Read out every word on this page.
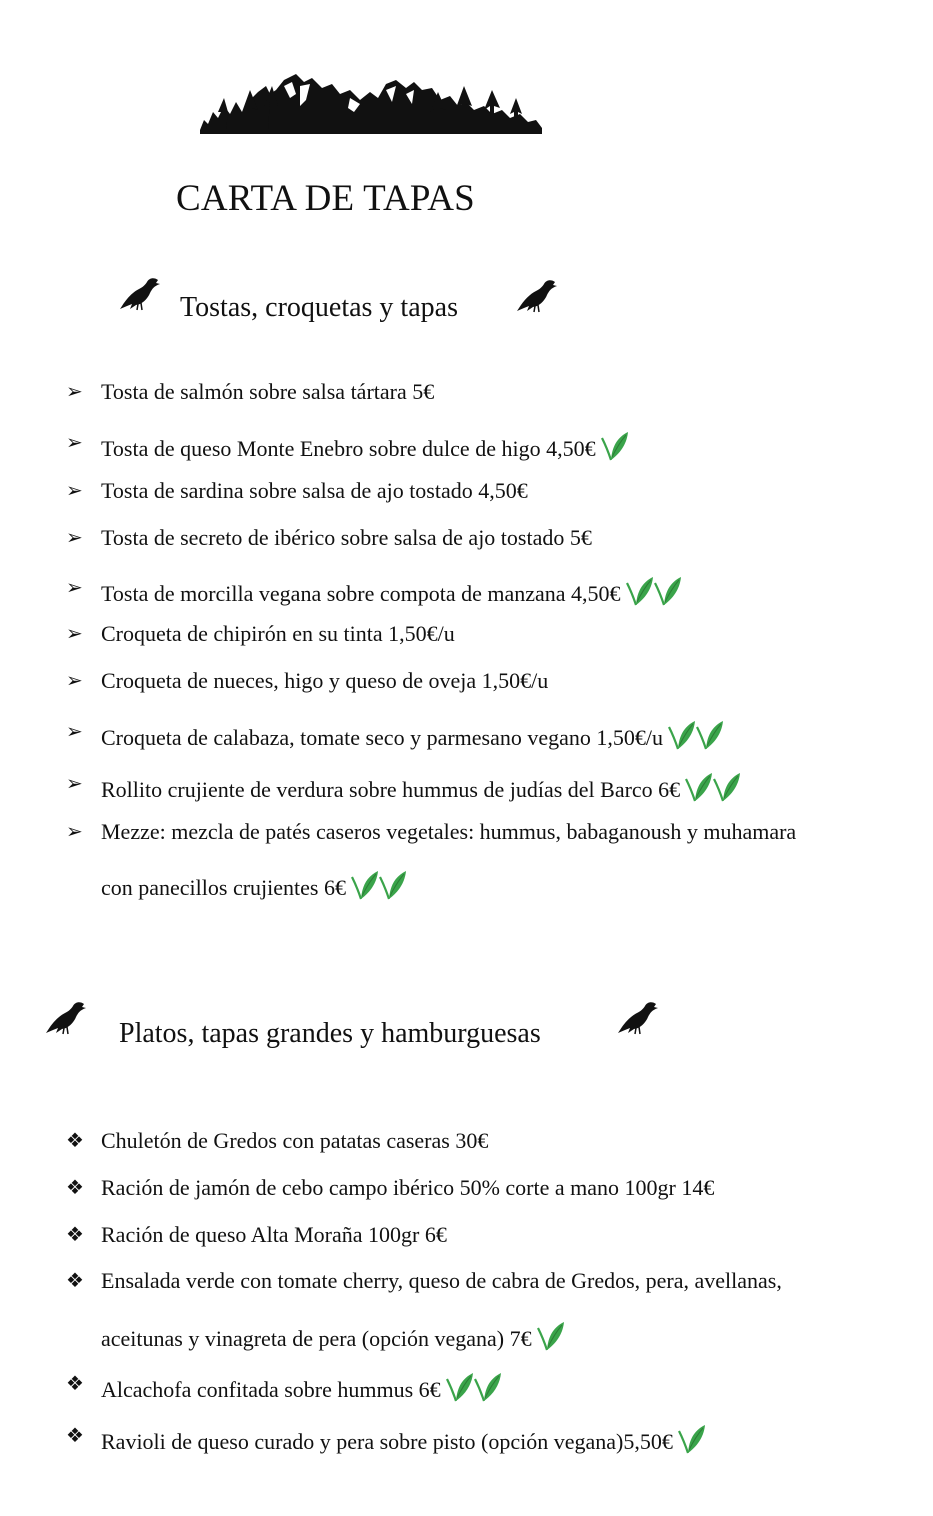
CARTA DE TAPAS
Tostas, croquetas y tapas
➢ Tosta de salmón sobre salsa tártara 5€
➢ Tosta de queso Monte Enebro sobre dulce de higo 4,50€
➢ Tosta de sardina sobre salsa de ajo tostado 4,50€
➢ Tosta de secreto de ibérico sobre salsa de ajo tostado 5€
➢ Tosta de morcilla vegana sobre compota de manzana 4,50€
➢ Croqueta de chipirón en su tinta 1,50€/u
➢ Croqueta de nueces, higo y queso de oveja 1,50€/u
➢ Croqueta de calabaza, tomate seco y parmesano vegano 1,50€/u
➢ Rollito crujiente de verdura sobre hummus de judías del Barco 6€
➢ Mezze: mezcla de patés caseros vegetales: hummus, babaganoush y muhamara
con panecillos crujientes 6€
Platos, tapas grandes y hamburguesas
❖ Chuletón de Gredos con patatas caseras 30€
❖ Ración de jamón de cebo campo ibérico 50% corte a mano 100gr 14€
❖ Ración de queso Alta Moraña 100gr 6€
❖ Ensalada verde con tomate cherry, queso de cabra de Gredos, pera, avellanas,
aceitunas y vinagreta de pera (opción vegana) 7€
❖ Alcachofa confitada sobre hummus 6€
❖ Ravioli de queso curado y pera sobre pisto (opción vegana)5,50€
